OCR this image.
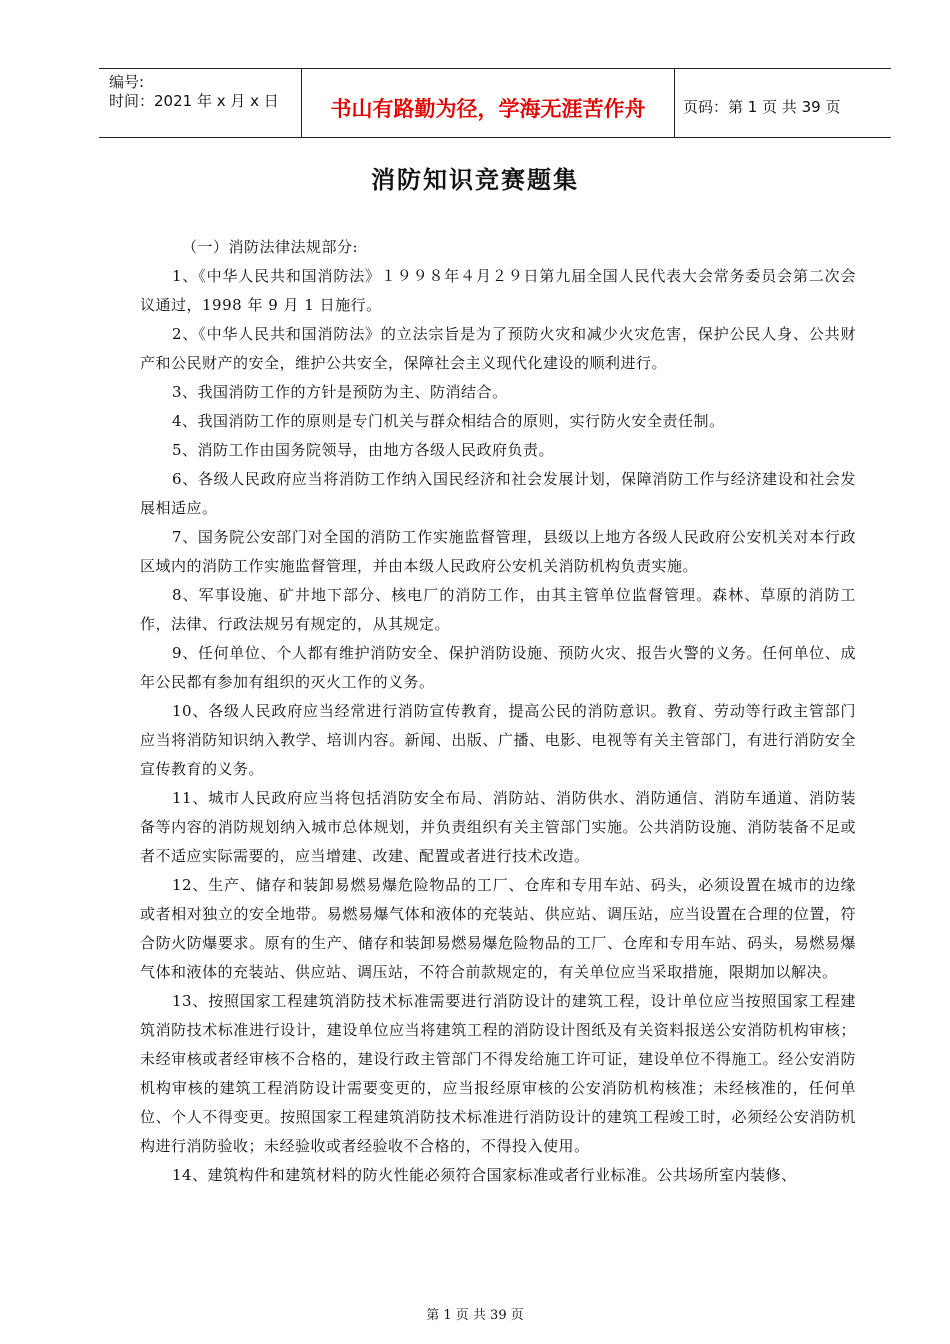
编号:
时间：2021 年 x 月 x 日	书山有路勤为径，学海无涯苦作舟	页码：第 1 页 共 39 页
消防知识竞赛题集

（一）消防法律法规部分:

1、《中华人民共和国消防法》１９９８年４月２９日第九届全国人民代表大会常务委员会第二次会议通过，1998 年 9 月 1 日施行。

2、《中华人民共和国消防法》的立法宗旨是为了预防火灾和减少火灾危害，保护公民人身、公共财产和公民财产的安全，维护公共安全，保障社会主义现代化建设的顺利进行。

3、我国消防工作的方针是预防为主、防消结合。

4、我国消防工作的原则是专门机关与群众相结合的原则，实行防火安全责任制。

5、消防工作由国务院领导，由地方各级人民政府负责。

6、各级人民政府应当将消防工作纳入国民经济和社会发展计划，保障消防工作与经济建设和社会发展相适应。

7、国务院公安部门对全国的消防工作实施监督管理，县级以上地方各级人民政府公安机关对本行政区域内的消防工作实施监督管理，并由本级人民政府公安机关消防机构负责实施。

8、军事设施、矿井地下部分、核电厂的消防工作，由其主管单位监督管理。森林、草原的消防工作，法律、行政法规另有规定的，从其规定。

9、任何单位、个人都有维护消防安全、保护消防设施、预防火灾、报告火警的义务。任何单位、成年公民都有参加有组织的灭火工作的义务。

10、各级人民政府应当经常进行消防宣传教育，提高公民的消防意识。教育、劳动等行政主管部门应当将消防知识纳入教学、培训内容。新闻、出版、广播、电影、电视等有关主管部门，有进行消防安全宣传教育的义务。

11、城市人民政府应当将包括消防安全布局、消防站、消防供水、消防通信、消防车通道、消防装备等内容的消防规划纳入城市总体规划，并负责组织有关主管部门实施。公共消防设施、消防装备不足或者不适应实际需要的，应当增建、改建、配置或者进行技术改造。

12、生产、储存和装卸易燃易爆危险物品的工厂、仓库和专用车站、码头，必须设置在城市的边缘或者相对独立的安全地带。易燃易爆气体和液体的充装站、供应站、调压站，应当设置在合理的位置，符合防火防爆要求。原有的生产、储存和装卸易燃易爆危险物品的工厂、仓库和专用车站、码头，易燃易爆气体和液体的充装站、供应站、调压站，不符合前款规定的，有关单位应当采取措施，限期加以解决。

13、按照国家工程建筑消防技术标准需要进行消防设计的建筑工程，设计单位应当按照国家工程建筑消防技术标准进行设计，建设单位应当将建筑工程的消防设计图纸及有关资料报送公安消防机构审核；未经审核或者经审核不合格的，建设行政主管部门不得发给施工许可证，建设单位不得施工。经公安消防机构审核的建筑工程消防设计需要变更的，应当报经原审核的公安消防机构核准；未经核准的，任何单位、个人不得变更。按照国家工程建筑消防技术标准进行消防设计的建筑工程竣工时，必须经公安消防机构进行消防验收；未经验收或者经验收不合格的，不得投入使用。

14、建筑构件和建筑材料的防火性能必须符合国家标准或者行业标准。公共场所室内装修、

第 1 页 共 39 页
